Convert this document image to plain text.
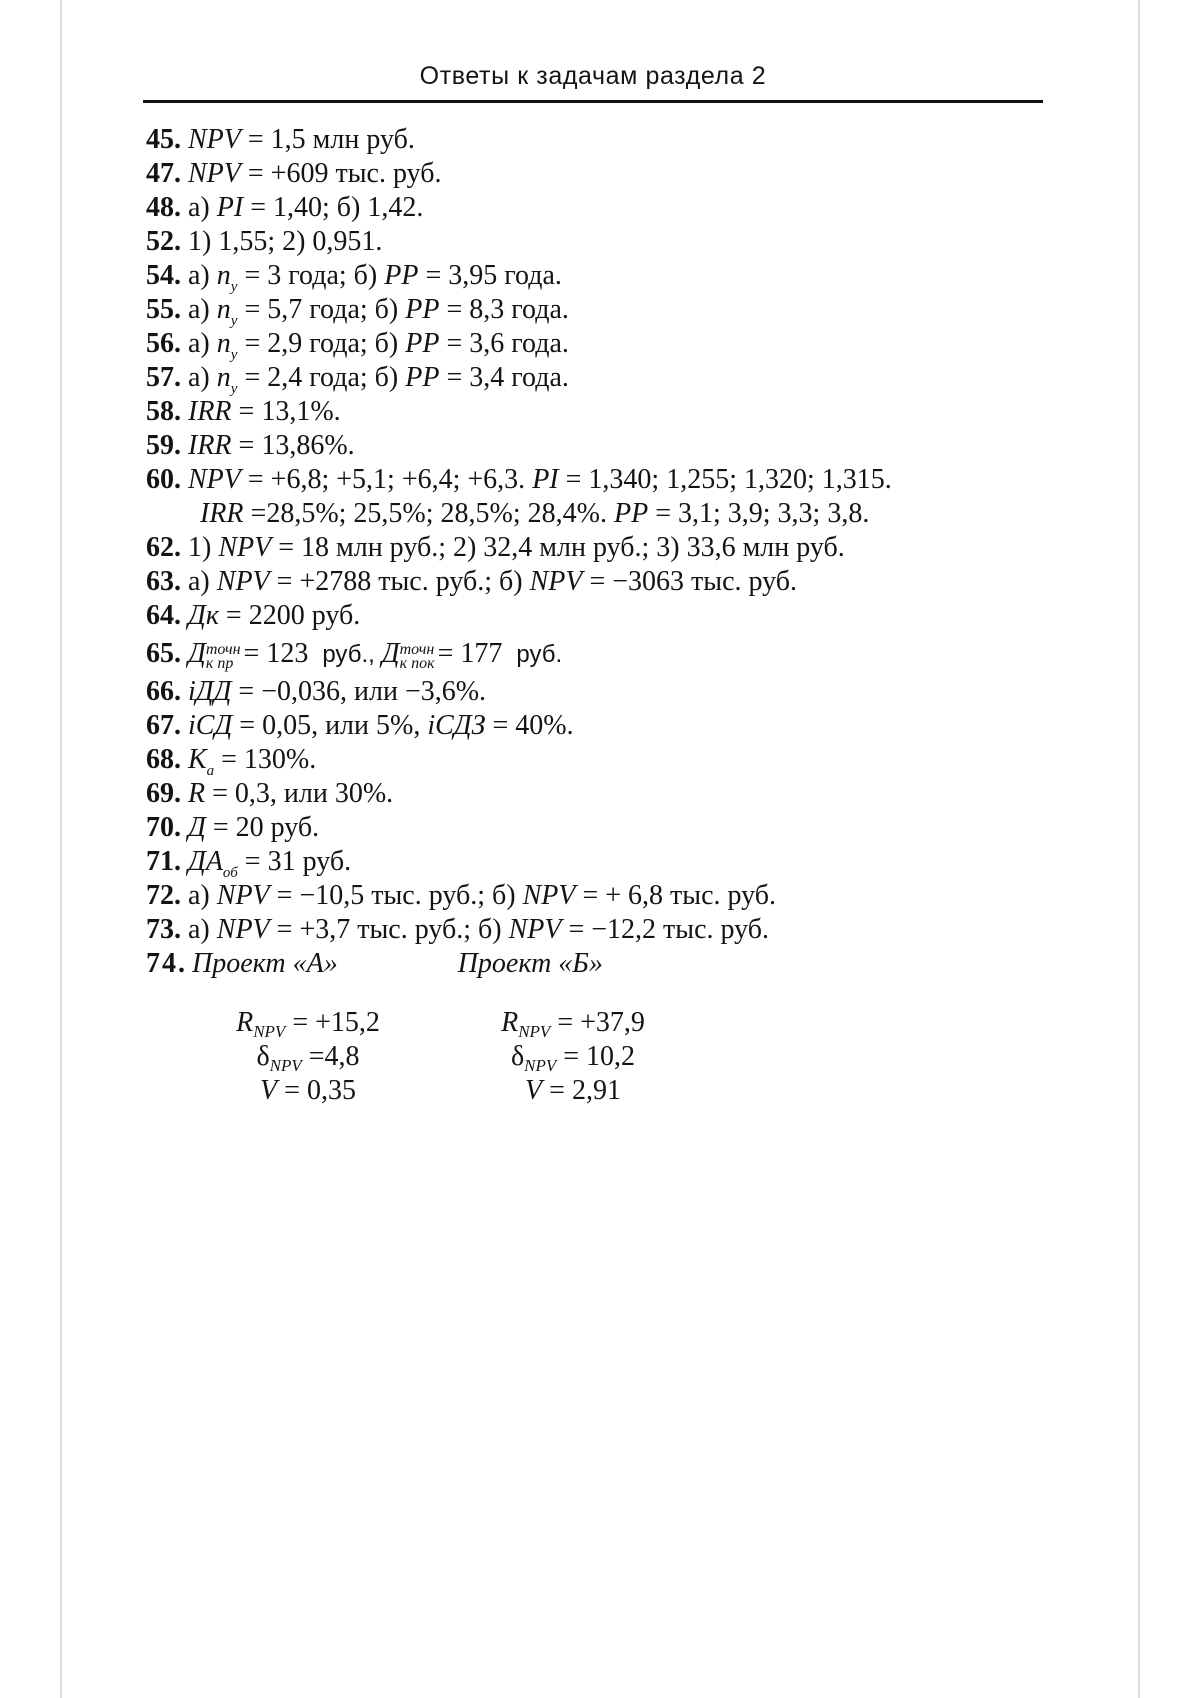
Ответы к задачам раздела 2
45. NPV = 1,5 млн руб.
47. NPV = +609 тыс. руб.
48. а) PI = 1,40; б) 1,42.
52. 1) 1,55; 2) 0,951.
54. а) $n_у = 3$ года; б) PP = 3,95 года.
55. а) $n_у = 5,7$ года; б) PP = 8,3 года.
56. а) $n_у = 2,9$ года; б) PP = 3,6 года.
57. а) $n_у = 2,4$ года; б) PP = 3,4 года.
58. IRR = 13,1%.
59. IRR = 13,86%.
60. NPV = +6,8; +5,1; +6,4; +6,3. PI = 1,340; 1,255; 1,320; 1,315.
IRR =28,5%; 25,5%; 28,5%; 28,4%. PP = 3,1; 3,9; 3,3; 3,8.
62. 1) NPV = 18 млн руб.; 2) 32,4 млн руб.; 3) 33,6 млн руб.
63. а) NPV = +2788 тыс. руб.; б) NPV = −3063 тыс. руб.
64. Дк = 2200 руб.
65. Д точн
к пр = 123  руб., Д точн
к пок = 177  руб.
66. iДД = −0,036, или −3,6%.
67. iСД = 0,05, или 5%, iСДЗ = 40%.
68. $К_а = 130\%$.
69. R = 0,3, или 30%.
70. Д = 20 руб.
71. $ДА_{об} = 31$ руб.
72. а) NPV = −10,5 тыс. руб.; б) NPV = + 6,8 тыс. руб.
73. а) NPV = +3,7 тыс. руб.; б) NPV = −12,2 тыс. руб.
74. Проект «А»	Проект «Б»
$R_{NPV} = +15,2$
$\delta_{NPV} =4,8$
V = 0,35
$R_{NPV} = +37,9$
$\delta_{NPV} = 10,2$
V = 2,91
